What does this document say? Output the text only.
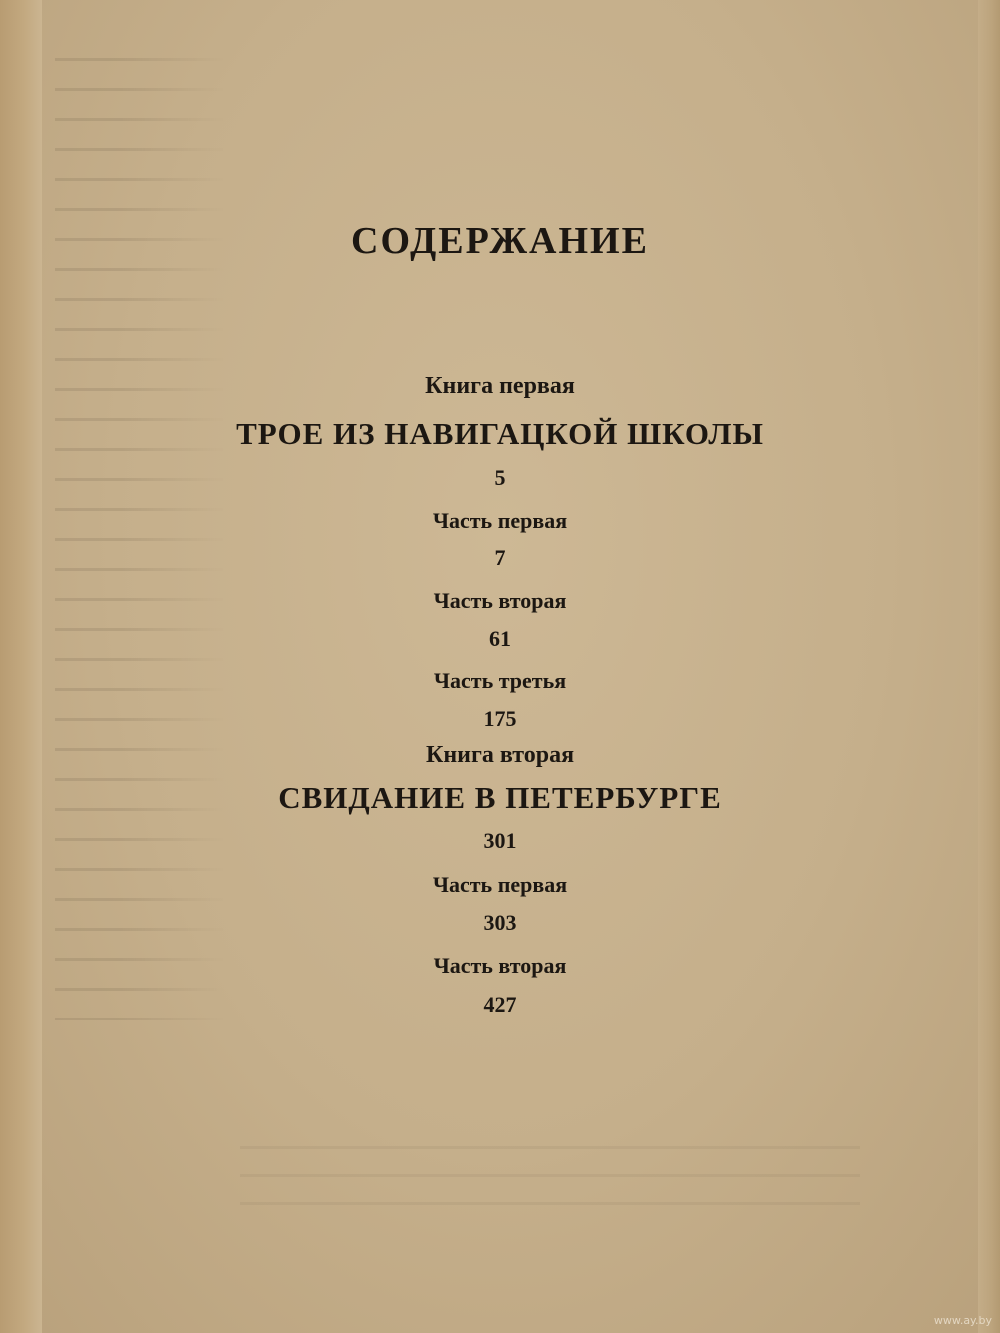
СОДЕРЖАНИЕ
Книга первая
ТРОЕ ИЗ НАВИГАЦКОЙ ШКОЛЫ
5
Часть первая
7
Часть вторая
61
Часть третья
175
Книга вторая
СВИДАНИЕ В ПЕТЕРБУРГЕ
301
Часть первая
303
Часть вторая
427
www.ay.by
